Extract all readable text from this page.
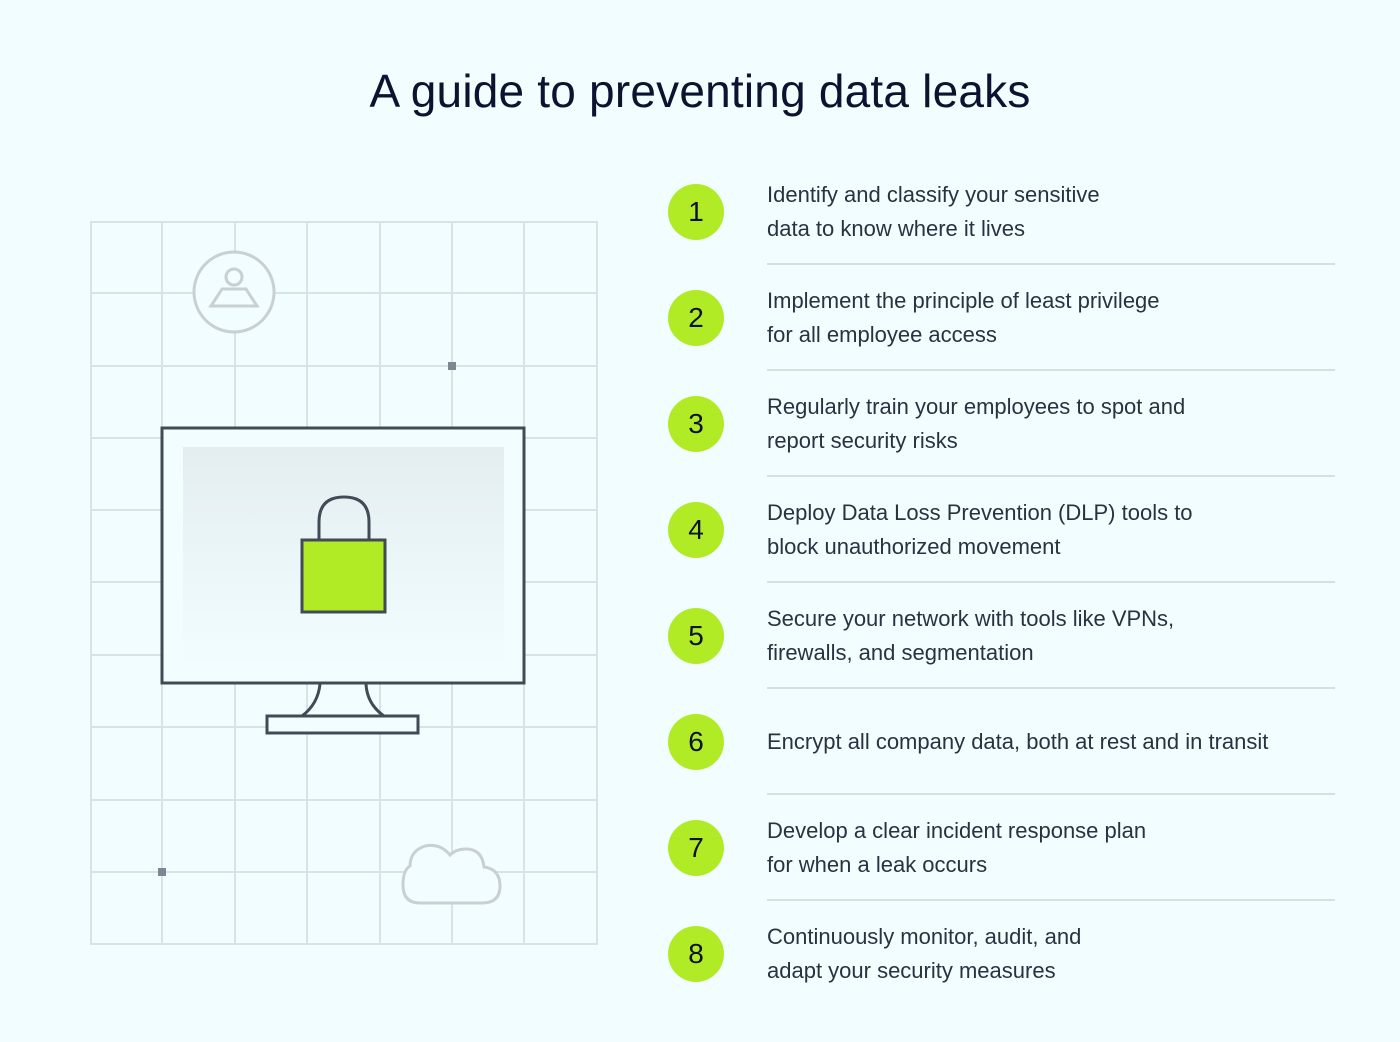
A guide to preventing data leaks
1
Identify and classify your sensitive
data to know where it lives
2
Implement the principle of least privilege
for all employee access
3
Regularly train your employees to spot and
report security risks
4
Deploy Data Loss Prevention (DLP) tools to
block unauthorized movement
5
Secure your network with tools like VPNs,
firewalls, and segmentation
6	Encrypt all company data, both at rest and in transit
7
Develop a clear incident response plan
for when a leak occurs
8
Continuously monitor, audit, and
adapt your security measures
